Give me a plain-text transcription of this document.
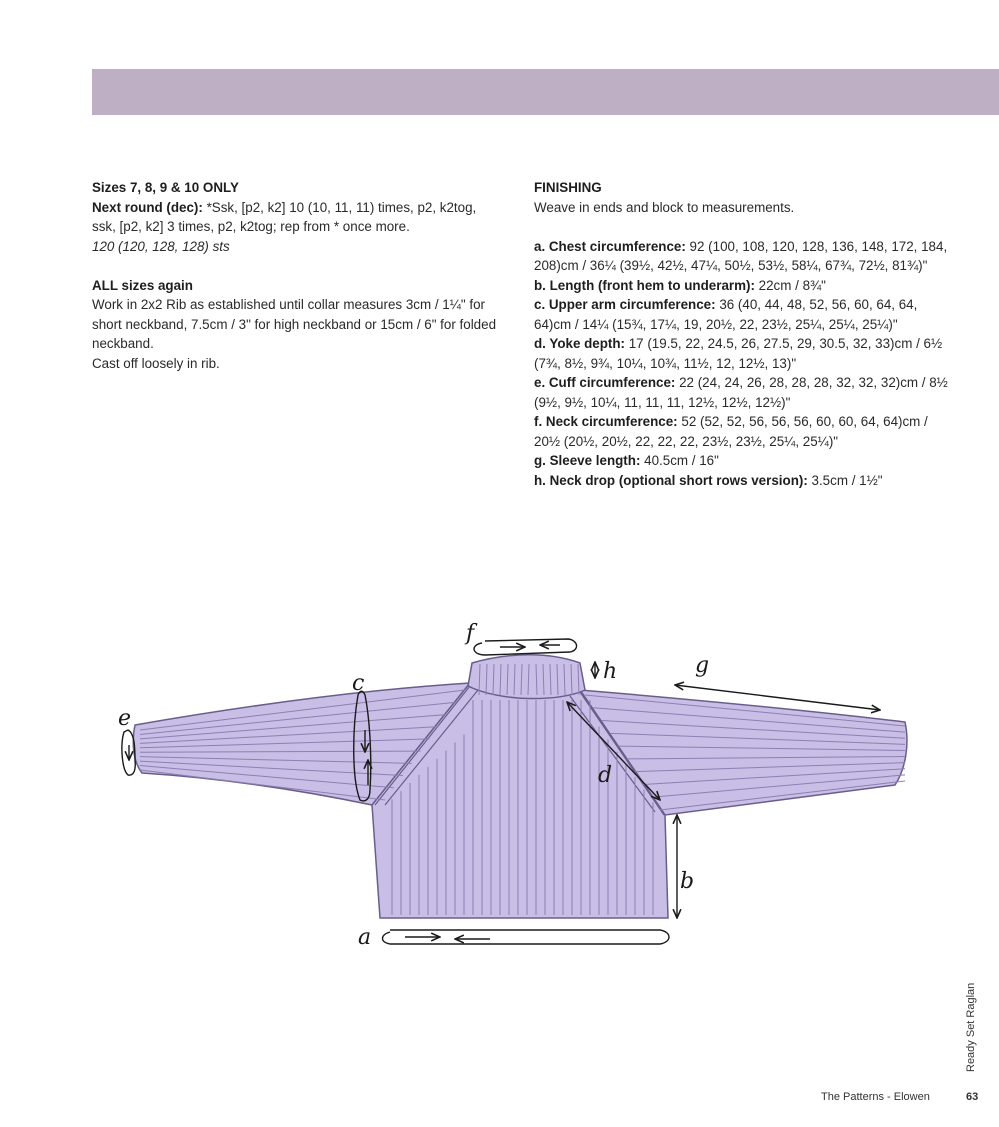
Sizes 7, 8, 9 & 10 ONLY

Next round (dec): *Ssk, [p2, k2] 10 (10, 11, 11) times, p2, k2tog, ssk, [p2, k2] 3 times, p2, k2tog; rep from * once more.

120 (120, 128, 128) sts

ALL sizes again

Work in 2x2 Rib as established until collar measures 3cm / 1¼" for short neckband, 7.5cm / 3" for high neckband or 15cm / 6" for folded neckband.

Cast off loosely in rib.

FINISHING

Weave in ends and block to measurements.

a. Chest circumference: 92 (100, 108, 120, 128, 136, 148, 172, 184, 208)cm / 36¼ (39½, 42½, 47¼, 50½, 53½, 58¼, 67¾, 72½, 81¾)"

b. Length (front hem to underarm): 22cm / 8¾"

c. Upper arm circumference: 36 (40, 44, 48, 52, 56, 60, 64, 64, 64)cm / 14¼ (15¾, 17¼, 19, 20½, 22, 23½, 25¼, 25¼, 25¼)"

d. Yoke depth: 17 (19.5, 22, 24.5, 26, 27.5, 29, 30.5, 32, 33)cm / 6½ (7¾, 8½, 9¾, 10¼, 10¾, 11½, 12, 12½, 13)"

e. Cuff circumference: 22 (24, 24, 26, 28, 28, 28, 32, 32, 32)cm / 8½ (9½, 9½, 10¼, 11, 11, 11, 12½, 12½, 12½)"

f. Neck circumference: 52 (52, 52, 56, 56, 56, 60, 60, 64, 64)cm / 20½ (20½, 20½, 22, 22, 22, 23½, 23½, 25¼, 25¼)"

g. Sleeve length: 40.5cm / 16"

h. Neck drop (optional short rows version): 3.5cm / 1½"

a
b
c
d
e
f
g
h
Ready Set Raglan
The Patterns - Elowen	63
